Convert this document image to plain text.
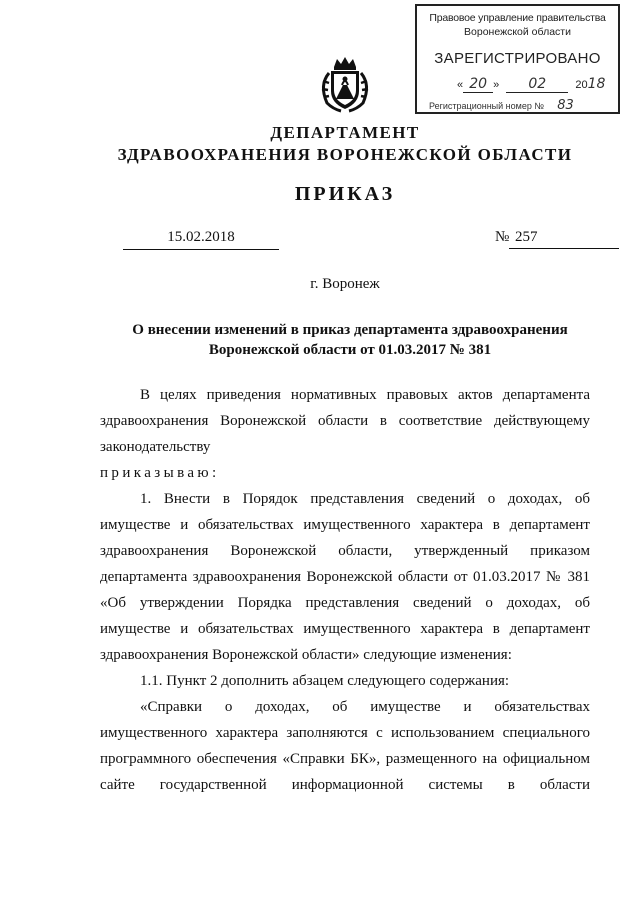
Правовое управление правительства
Воронежской области
ЗАРЕГИСТРИРОВАНО
« 20 » 02	2018
Регистрационный номер № 83
ДЕПАРТАМЕНТ
ЗДРАВООХРАНЕНИЯ ВОРОНЕЖСКОЙ ОБЛАСТИ
ПРИКАЗ
15.02.2018	№ 257
г. Воронеж
О внесении изменений в приказ департамента здравоохранения
Воронежской области от 01.03.2017 № 381

В целях приведения нормативных правовых актов департамента

здравоохранения Воронежской области в соответствие действующему

законодательству

приказываю:

1. Внести в Порядок представления сведений о доходах, об

имуществе и обязательствах имущественного характера в департамент

здравоохранения Воронежской области, утвержденный приказом

департамента здравоохранения Воронежской области от 01.03.2017 № 381

«Об утверждении Порядка представления сведений о доходах, об

имуществе и обязательствах имущественного характера в департамент

здравоохранения Воронежской области» следующие изменения:

1.1. Пункт 2 дополнить абзацем следующего содержания:

«Справки о доходах, об имуществе и обязательствах

имущественного характера заполняются с использованием специального

программного обеспечения «Справки БК», размещенного на официальном

сайте государственной информационной системы в области
